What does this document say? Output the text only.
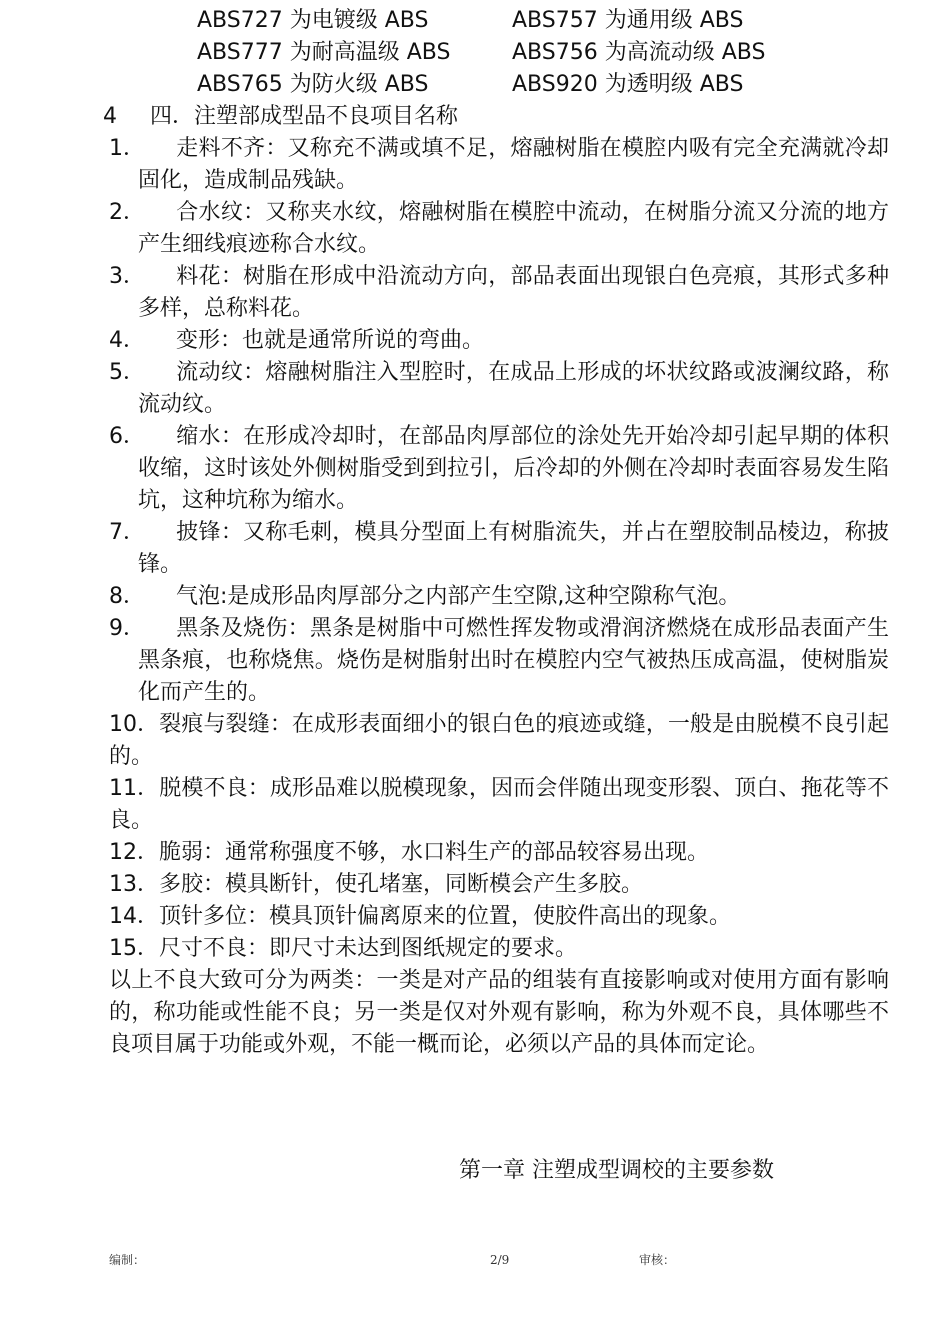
ABS727 为电镀级 ABS	ABS757 为通用级 ABS
ABS777 为耐高温级 ABS	ABS756 为高流动级 ABS
ABS765 为防火级 ABS	ABS920 为透明级 ABS
4 四．注塑部成型品不良项目名称
1．	走料不齐：又称充不满或填不足，熔融树脂在模腔内吸有完全充满就冷却固化，造成制品残缺。
2．	合水纹：又称夹水纹，熔融树脂在模腔中流动，在树脂分流又分流的地方产生细线痕迹称合水纹。
3．	料花：树脂在形成中沿流动方向，部品表面出现银白色亮痕，其形式多种多样，总称料花。
4．	变形：也就是通常所说的弯曲。
5．	流动纹：熔融树脂注入型腔时，在成品上形成的坏状纹路或波澜纹路，称流动纹。
6．	缩水：在形成冷却时，在部品肉厚部位的涂处先开始冷却引起早期的体积收缩，这时该处外侧树脂受到到拉引，后冷却的外侧在冷却时表面容易发生陷坑，这种坑称为缩水。
7．	披锋：又称毛刺，模具分型面上有树脂流失，并占在塑胶制品棱边，称披锋。
8．	气泡:是成形品肉厚部分之内部产生空隙,这种空隙称气泡。
9．	黑条及烧伤：黑条是树脂中可燃性挥发物或滑润济燃烧在成形品表面产生黑条痕，也称烧焦。烧伤是树脂射出时在模腔内空气被热压成高温，使树脂炭化而产生的。
10．裂痕与裂缝：在成形表面细小的银白色的痕迹或缝，一般是由脱模不良引起的。
11．脱模不良：成形品难以脱模现象，因而会伴随出现变形裂、顶白、拖花等不良。
12．脆弱：通常称强度不够，水口料生产的部品较容易出现。
13．多胶：模具断针，使孔堵塞，同断模会产生多胶。
14．顶针多位：模具顶针偏离原来的位置，使胶件高出的现象。
15．尺寸不良：即尺寸未达到图纸规定的要求。
以上不良大致可分为两类：一类是对产品的组装有直接影响或对使用方面有影响的，称功能或性能不良；另一类是仅对外观有影响，称为外观不良，具体哪些不良项目属于功能或外观，不能一概而论，必须以产品的具体而定论。
第一章 注塑成型调校的主要参数
编制：	2/9	审核：
